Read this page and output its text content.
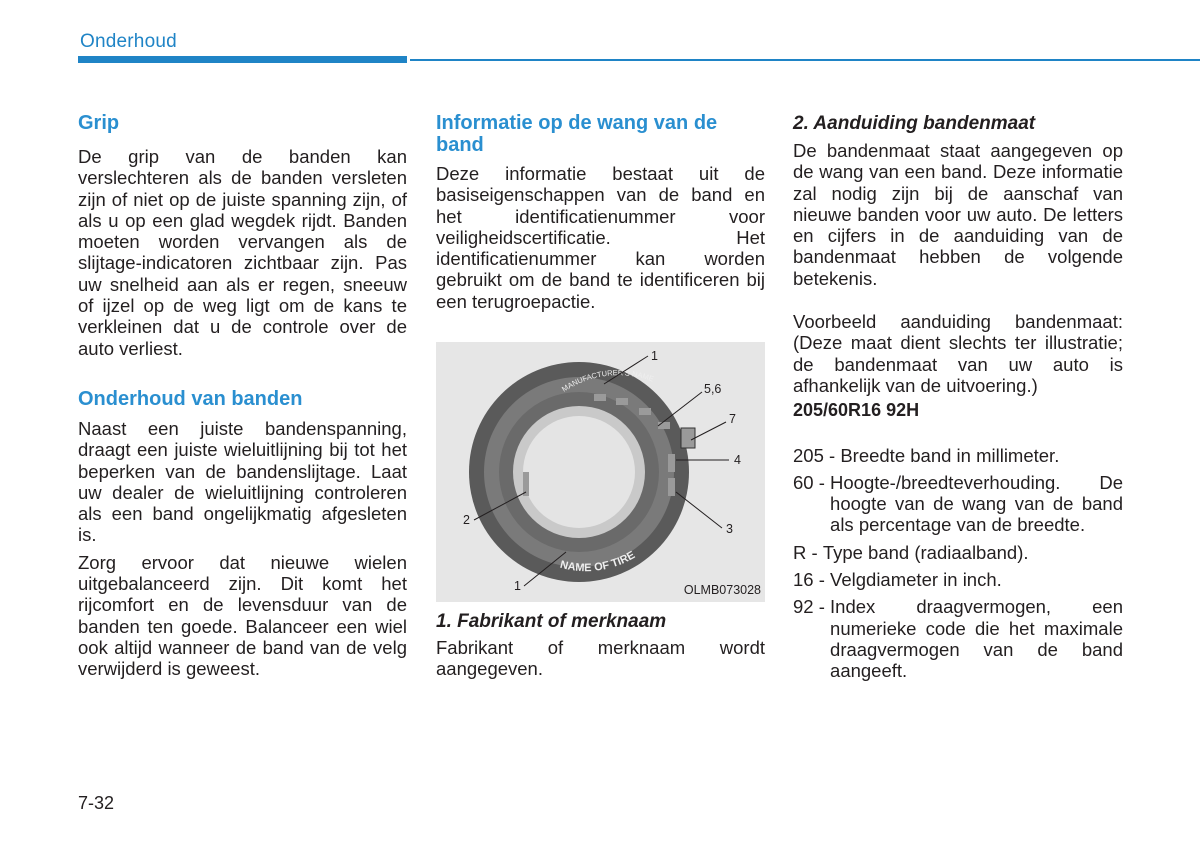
Onderhoud
Grip

De grip van de banden kan verslechteren als de banden versleten zijn of niet op de juiste spanning zijn, of als u op een glad wegdek rijdt. Banden moeten worden vervangen als de slijtage-indicatoren zichtbaar zijn. Pas uw snelheid aan als er regen, sneeuw of ijzel op de weg ligt om de kans te verkleinen dat u de controle over de auto verliest.

Onderhoud van banden

Naast een juiste bandenspanning, draagt een juiste wieluitlijning bij tot het beperken van de bandenslijtage. Laat uw dealer de wieluitlijning controleren als een band ongelijkmatig afgesleten is.

Zorg ervoor dat nieuwe wielen uitgebalanceerd zijn. Dit komt het rijcomfort en de levensduur van de banden ten goede. Balanceer een wiel ook altijd wanneer de band van de velg verwijderd is geweest.

Informatie op de wang van de band

Deze informatie bestaat uit de basiseigenschappen van de band en het identificatienummer voor veiligheidscertificatie. Het identificatienummer kan worden gebruikt om de band te identificeren bij een terugroepactie.

MANUFACTURER'S NAME
NAME OF TIRE
1
5,6
7
4
3
2
1	OLMB073028
1. Fabrikant of merknaam

Fabrikant of merknaam wordt aangegeven.

2. Aanduiding bandenmaat

De bandenmaat staat aangegeven op de wang van een band. Deze informatie zal nodig zijn bij de aanschaf van nieuwe banden voor uw auto. De letters en cijfers in de aanduiding van de bandenmaat hebben de volgende betekenis.

Voorbeeld aanduiding bandenmaat: (Deze maat dient slechts ter illustratie; de bandenmaat van uw auto is afhankelijk van de uitvoering.)

205/60R16 92H

205 - Breedte band in millimeter.
60 - Hoogte-/breedteverhouding. De hoogte van de wang van de band als percentage van de breedte.
R - Type band (radiaalband).
16 - Velgdiameter in inch.
92 - Index draagvermogen, een numerieke code die het maximale draagvermogen van de band aangeeft.
7-32
